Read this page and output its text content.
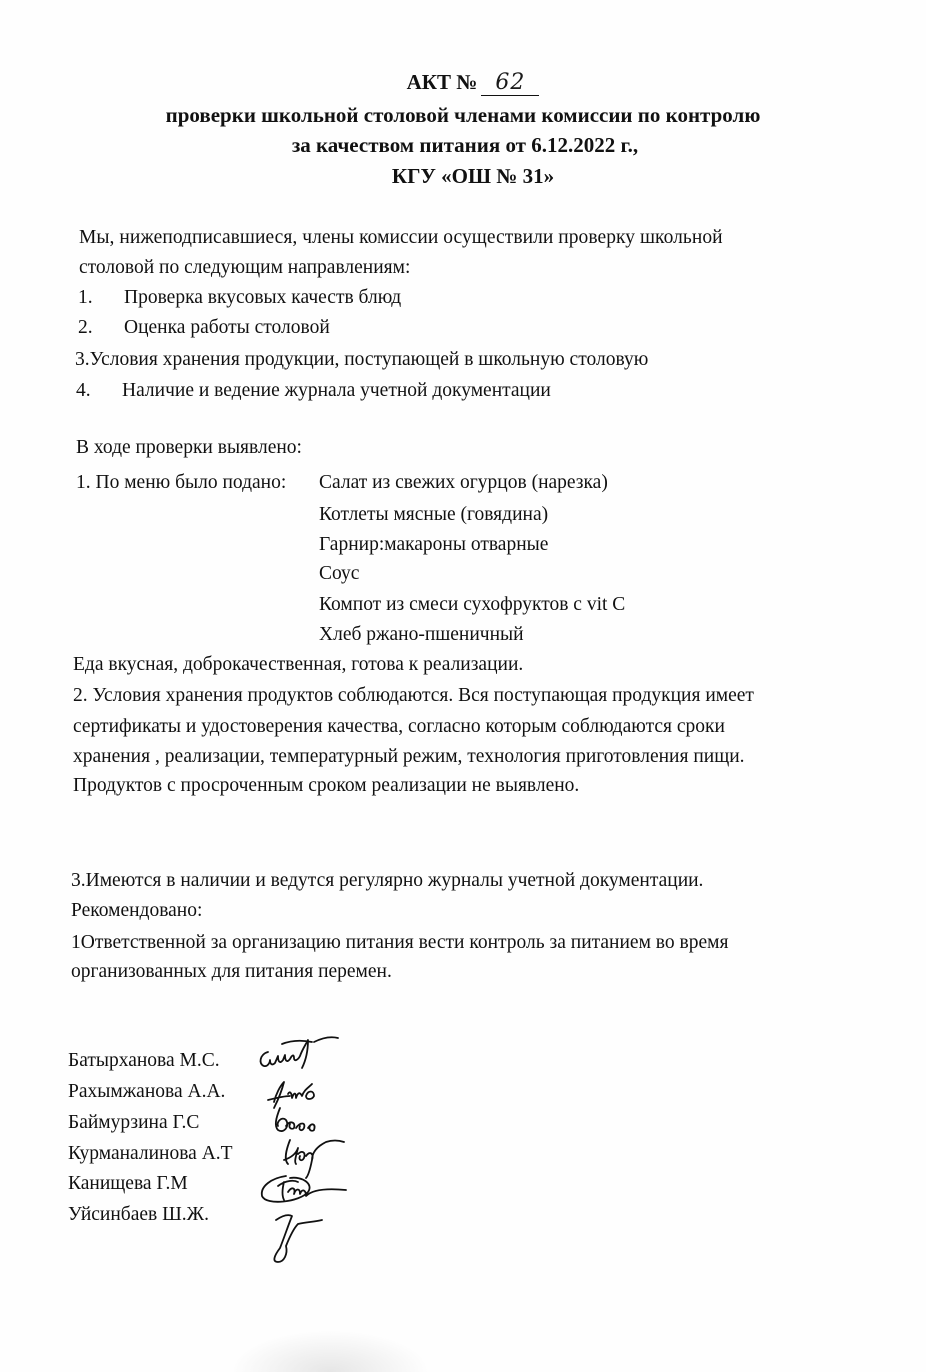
АКТ № 62
проверки школьной столовой членами комиссии по контролю
за качеством питания от 6.12.2022 г.,
КГУ «ОШ № 31»
Мы, нижеподписавшиеся, члены комиссии осуществили проверку школьной
столовой по следующим направлениям:
1. Проверка вкусовых качеств блюд
2. Оценка работы столовой
3.Условия хранения продукции, поступающей в школьную столовую
4. Наличие и ведение журнала учетной документации
В ходе проверки выявлено:
1. По меню было подано: Салат из свежих огурцов (нарезка)
Котлеты мясные (говядина)
Гарнир:макароны отварные
Соус
Компот из смеси сухофруктов с vit C
Хлеб ржано-пшеничный
Еда вкусная, доброкачественная, готова к реализации.
2. Условия хранения продуктов соблюдаются. Вся поступающая продукция имеет
сертификаты и удостоверения качества, согласно которым соблюдаются сроки
хранения , реализации, температурный режим, технология приготовления пищи.
Продуктов с просроченным сроком реализации не выявлено.
3.Имеются в наличии и ведутся регулярно журналы учетной документации.
Рекомендовано:
1Ответственной за организацию питания вести контроль за питанием во время
организованных для питания перемен.
Батырханова М.С.
Рахымжанова А.А.
Баймурзина Г.С
Курманалинова А.Т
Канищева Г.М
Уйсинбаев Ш.Ж.
